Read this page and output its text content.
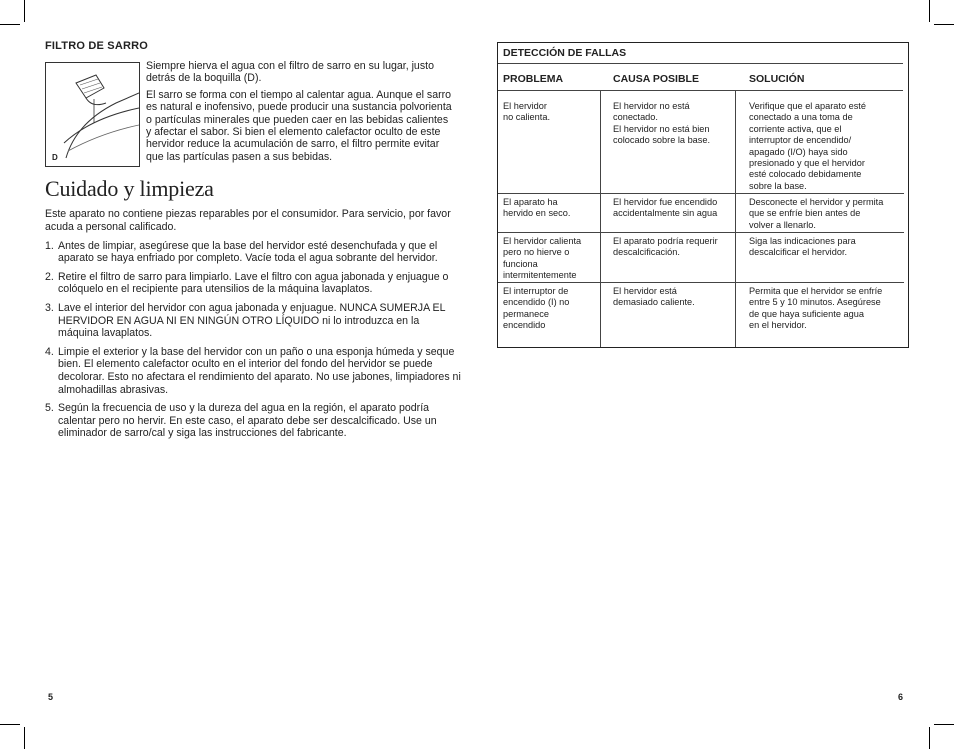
FILTRO DE SARRO

D

Siempre hierva el agua con el filtro de sarro en su lugar, justo detrás de la boquilla (D).

El sarro se forma con el tiempo al calentar agua. Aunque el sarro es natural e inofensivo, puede producir una sustancia polvorienta o partículas minerales que pueden caer en las bebidas calientes y afectar el sabor. Si bien el elemento calefactor oculto de este hervidor reduce la acumulación de sarro, el filtro permite evitar que las partículas pasen a sus bebidas.

Cuidado y limpieza

Este aparato no contiene piezas reparables por el consumidor. Para servicio, por favor acuda a personal calificado.

1. Antes de limpiar, asegúrese que la base del hervidor esté desenchufada y que el aparato se haya enfriado por completo. Vacíe toda el agua sobrante del hervidor.
2. Retire el filtro de sarro para limpiarlo. Lave el filtro con agua jabonada y enjuague o colóquelo en el recipiente para utensilios de la máquina lavaplatos.
3. Lave el interior del hervidor con agua jabonada y enjuague. NUNCA SUMERJA EL HERVIDOR EN AGUA NI EN NINGÚN OTRO LÍQUIDO ni lo introduzca en la máquina lavaplatos.
4. Limpie el exterior y la base del hervidor con un paño o una esponja húmeda y seque bien. El elemento calefactor oculto en el interior del fondo del hervidor se puede decolorar. Esto no afectara el rendimiento del aparato. No use jabones, limpiadores ni almohadillas abrasivas.
5. Según la frecuencia de uso y la dureza del agua en la región, el aparato podría calentar pero no hervir. En este caso, el aparato debe ser descalcificado. Use un eliminador de sarro/cal y siga las instrucciones del fabricante.
5
DETECCIÓN DE FALLAS
PROBLEMA	CAUSA POSIBLE	SOLUCIÓN
El hervidor
no calienta.
El hervidor no está
conectado.
El hervidor no está bien
colocado sobre la base.
Verifique que el aparato esté
conectado a una toma de
corriente activa, que el
interruptor de encendido/
apagado (I/O) haya sido
presionado y que el hervidor
esté colocado debidamente
sobre la base.
El aparato ha
hervido en seco.
El hervidor fue encendido
accidentalmente sin agua
Desconecte el hervidor y permita
que se enfríe bien antes de
volver a llenarlo.
El hervidor calienta
pero no hierve o
funciona
intermitentemente
El aparato podría requerir
descalcificación.
Siga las indicaciones para
descalcificar el hervidor.
El interruptor de
encendido (I) no
permanece
encendido
El hervidor está
demasiado caliente.
Permita que el hervidor se enfríe
entre 5 y 10 minutos. Asegúrese
de que haya suficiente agua
en el hervidor.
6
